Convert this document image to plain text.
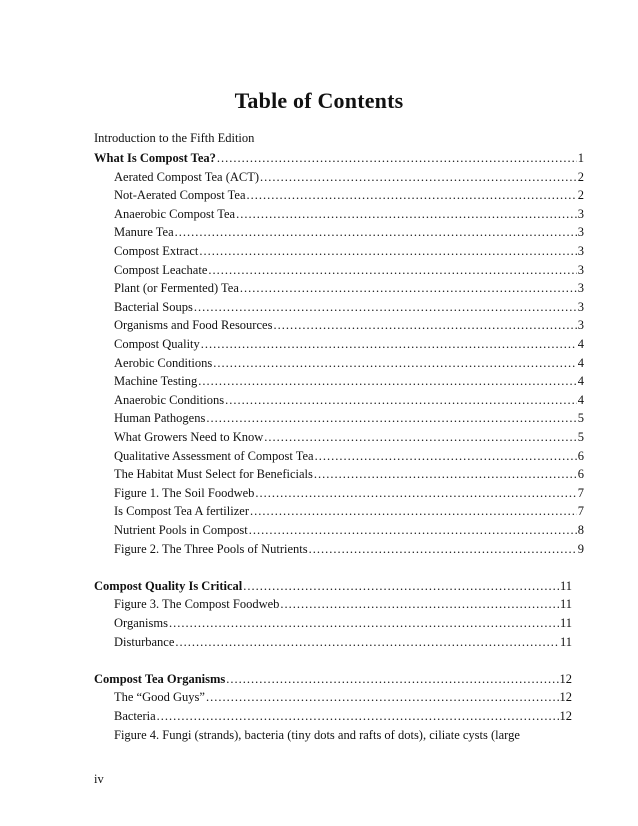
Table of Contents
Introduction to the Fifth Edition
What Is Compost Tea? .....	1
Aerated Compost Tea (ACT) .....	2
Not-Aerated Compost Tea .....	2
Anaerobic Compost Tea .....	3
Manure Tea .....	3
Compost Extract .....	3
Compost Leachate .....	3
Plant (or Fermented) Tea .....	3
Bacterial Soups .....	3
Organisms and Food Resources .....	3
Compost Quality .....	4
Aerobic Conditions .....	4
Machine Testing .....	4
Anaerobic Conditions .....	4
Human Pathogens .....	5
What Growers Need to Know .....	5
Qualitative Assessment of Compost Tea .....	6
The Habitat Must Select for Beneficials .....	6
Figure 1. The Soil Foodweb .....	7
Is Compost Tea A fertilizer .....	7
Nutrient Pools in Compost .....	8
Figure 2. The Three Pools of Nutrients .....	9
Compost Quality Is Critical .....	11
Figure 3. The Compost Foodweb .....	11
Organisms .....	11
Disturbance .....	11
Compost Tea Organisms .....	12
The “Good Guys” .....	12
Bacteria .....	12
Figure 4. Fungi (strands), bacteria (tiny dots and rafts of dots), ciliate cysts (large
iv
